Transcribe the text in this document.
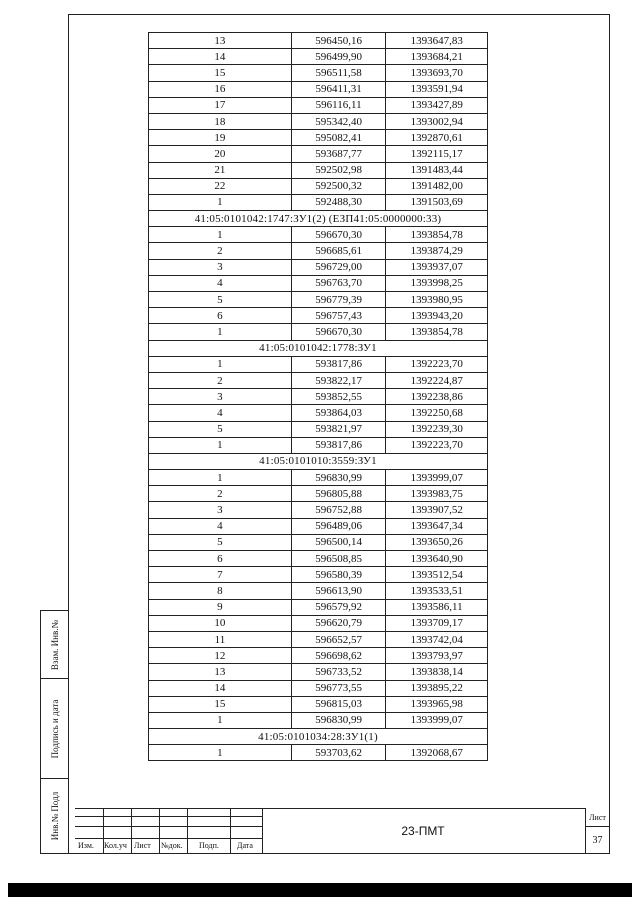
Взам. Инв.№
Подпись и дата
Инв.№ Подл
13	596450,16	1393647,83
14	596499,90	1393684,21
15	596511,58	1393693,70
16	596411,31	1393591,94
17	596116,11	1393427,89
18	595342,40	1393002,94
19	595082,41	1392870,61
20	593687,77	1392115,17
21	592502,98	1391483,44
22	592500,32	1391482,00
1	592488,30	1391503,69
41:05:0101042:1747:ЗУ1(2) (ЕЗП41:05:0000000:33)		
1	596670,30	1393854,78
2	596685,61	1393874,29
3	596729,00	1393937,07
4	596763,70	1393998,25
5	596779,39	1393980,95
6	596757,43	1393943,20
1	596670,30	1393854,78
41:05:0101042:1778:ЗУ1		
1	593817,86	1392223,70
2	593822,17	1392224,87
3	593852,55	1392238,86
4	593864,03	1392250,68
5	593821,97	1392239,30
1	593817,86	1392223,70
41:05:0101010:3559:ЗУ1		
1	596830,99	1393999,07
2	596805,88	1393983,75
3	596752,88	1393907,52
4	596489,06	1393647,34
5	596500,14	1393650,26
6	596508,85	1393640,90
7	596580,39	1393512,54
8	596613,90	1393533,51
9	596579,92	1393586,11
10	596620,79	1393709,17
11	596652,57	1393742,04
12	596698,62	1393793,97
13	596733,52	1393838,14
14	596773,55	1393895,22
15	596815,03	1393965,98
1	596830,99	1393999,07
41:05:0101034:28:ЗУ1(1)		
1	593703,62	1392068,67
Изм. Кол.уч Лист №док. Подп. Дата
23-ПМТ
Лист
37
